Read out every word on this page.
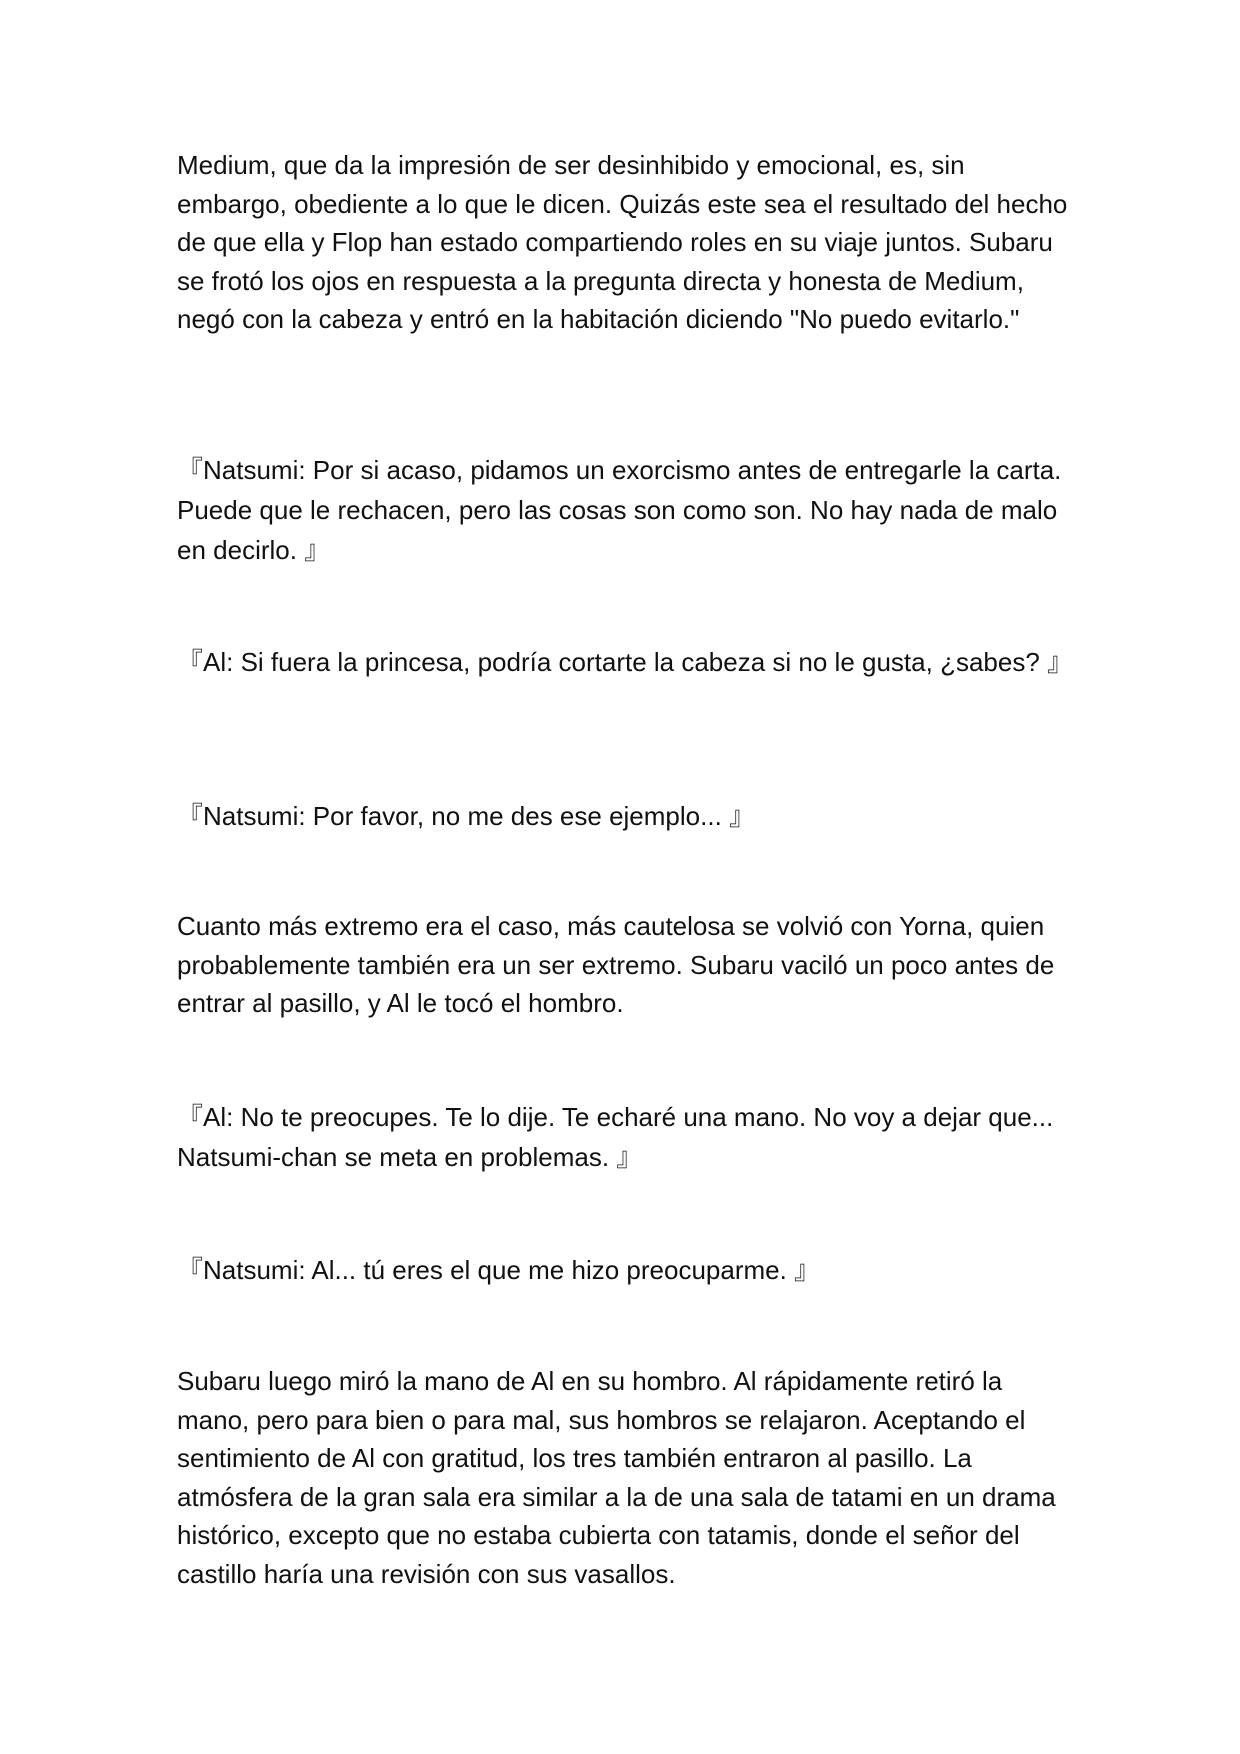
Medium, que da la impresión de ser desinhibido y emocional, es, sin embargo, obediente a lo que le dicen. Quizás este sea el resultado del hecho de que ella y Flop han estado compartiendo roles en su viaje juntos. Subaru se frotó los ojos en respuesta a la pregunta directa y honesta de Medium, negó con la cabeza y entró en la habitación diciendo "No puedo evitarlo."

『Natsumi: Por si acaso, pidamos un exorcismo antes de entregarle la carta. Puede que le rechacen, pero las cosas son como son. No hay nada de malo en decirlo. 』

『Al: Si fuera la princesa, podría cortarte la cabeza si no le gusta, ¿sabes? 』

『Natsumi: Por favor, no me des ese ejemplo... 』

Cuanto más extremo era el caso, más cautelosa se volvió con Yorna, quien probablemente también era un ser extremo. Subaru vaciló un poco antes de entrar al pasillo, y Al le tocó el hombro.

『Al: No te preocupes. Te lo dije. Te echaré una mano. No voy a dejar que... Natsumi-chan se meta en problemas. 』

『Natsumi: Al... tú eres el que me hizo preocuparme. 』

Subaru luego miró la mano de Al en su hombro. Al rápidamente retiró la mano, pero para bien o para mal, sus hombros se relajaron. Aceptando el sentimiento de Al con gratitud, los tres también entraron al pasillo. La atmósfera de la gran sala era similar a la de una sala de tatami en un drama histórico, excepto que no estaba cubierta con tatamis, donde el señor del castillo haría una revisión con sus vasallos.
